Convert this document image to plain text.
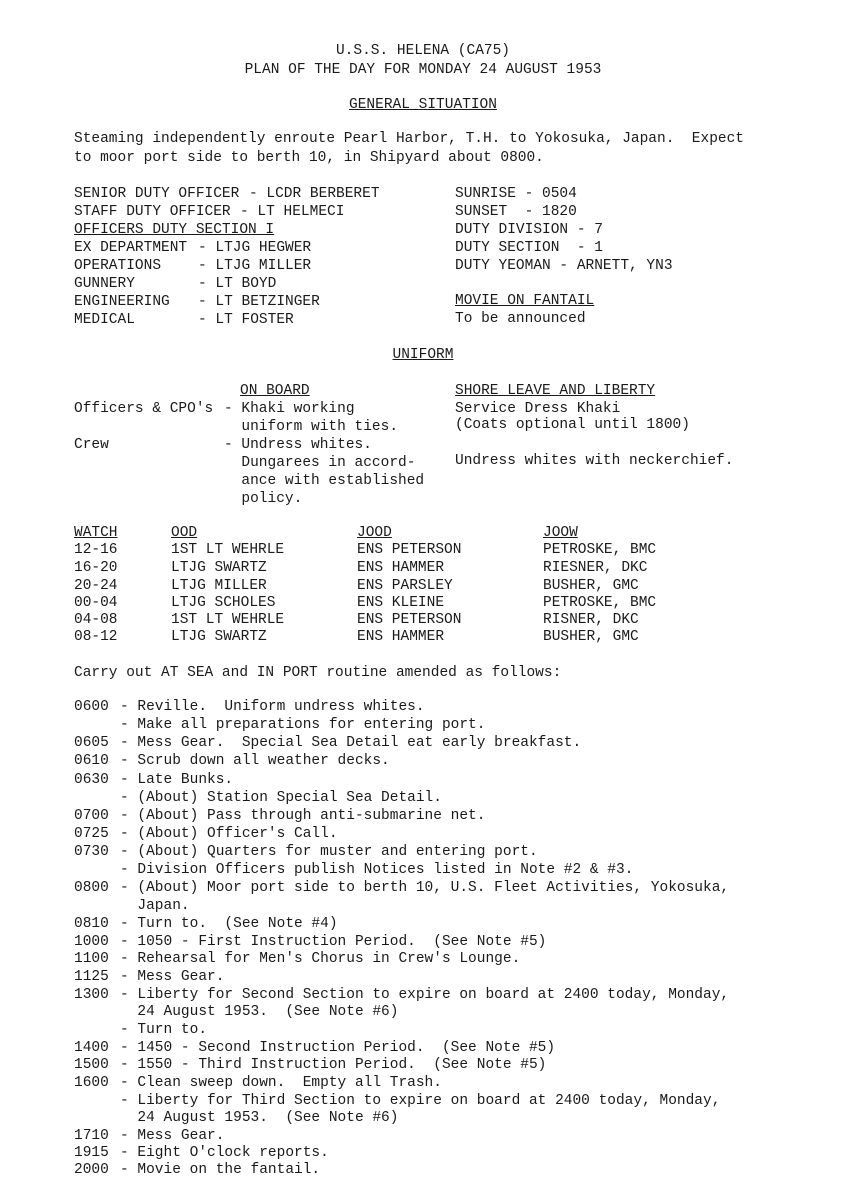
U.S.S. HELENA (CA75)
PLAN OF THE DAY FOR MONDAY 24 AUGUST 1953
GENERAL SITUATION
Steaming independently enroute Pearl Harbor, T.H. to Yokosuka, Japan.  Expect
to moor port side to berth 10, in Shipyard about 0800.
SENIOR DUTY OFFICER - LCDR BERBERET
STAFF DUTY OFFICER - LT HELMECI
OFFICERS DUTY SECTION I
EX DEPARTMENT - LTJG HEGWER
OPERATIONS	- LTJG MILLER
GUNNERY	- LT BOYD
ENGINEERING - LT BETZINGER
MEDICAL	- LT FOSTER
SUNRISE - 0504
SUNSET  - 1820
DUTY DIVISION - 7
DUTY SECTION  - 1
DUTY YEOMAN - ARNETT, YN3
MOVIE ON FANTAIL
To be announced
UNIFORM
ON BOARD	SHORE LEAVE AND LIBERTY
Officers & CPO's - Khaki working
uniform with ties.
Service Dress Khaki
(Coats optional until 1800)
Crew	- Undress whites.
Dungarees in accord-
ance with established
policy.
Undress whites with neckerchief.
WATCH	OOD	JOOD	JOOW
12-16	1ST LT WEHRLE	ENS PETERSON	PETROSKE, BMC
16-20	LTJG SWARTZ	ENS HAMMER	RIESNER, DKC
20-24	LTJG MILLER	ENS PARSLEY	BUSHER, GMC
00-04	LTJG SCHOLES	ENS KLEINE	PETROSKE, BMC
04-08	1ST LT WEHRLE	ENS PETERSON	RISNER, DKC
08-12	LTJG SWARTZ	ENS HAMMER	BUSHER, GMC
Carry out AT SEA and IN PORT routine amended as follows:
0600 - Reville.  Uniform undress whites.
- Make all preparations for entering port.
0605 - Mess Gear.  Special Sea Detail eat early breakfast.
0610 - Scrub down all weather decks.
0630 - Late Bunks.
- (About) Station Special Sea Detail.
0700 - (About) Pass through anti-submarine net.
0725 - (About) Officer's Call.
0730 - (About) Quarters for muster and entering port.
- Division Officers publish Notices listed in Note #2 & #3.
0800 - (About) Moor port side to berth 10, U.S. Fleet Activities, Yokosuka,
Japan.
0810 - Turn to.  (See Note #4)
1000 - 1050 - First Instruction Period.  (See Note #5)
1100 - Rehearsal for Men's Chorus in Crew's Lounge.
1125 - Mess Gear.
1300 - Liberty for Second Section to expire on board at 2400 today, Monday,
24 August 1953.  (See Note #6)
- Turn to.
1400 - 1450 - Second Instruction Period.  (See Note #5)
1500 - 1550 - Third Instruction Period.  (See Note #5)
1600 - Clean sweep down.  Empty all Trash.
- Liberty for Third Section to expire on board at 2400 today, Monday,
24 August 1953.  (See Note #6)
1710 - Mess Gear.
1915 - Eight O'clock reports.
2000 - Movie on the fantail.
